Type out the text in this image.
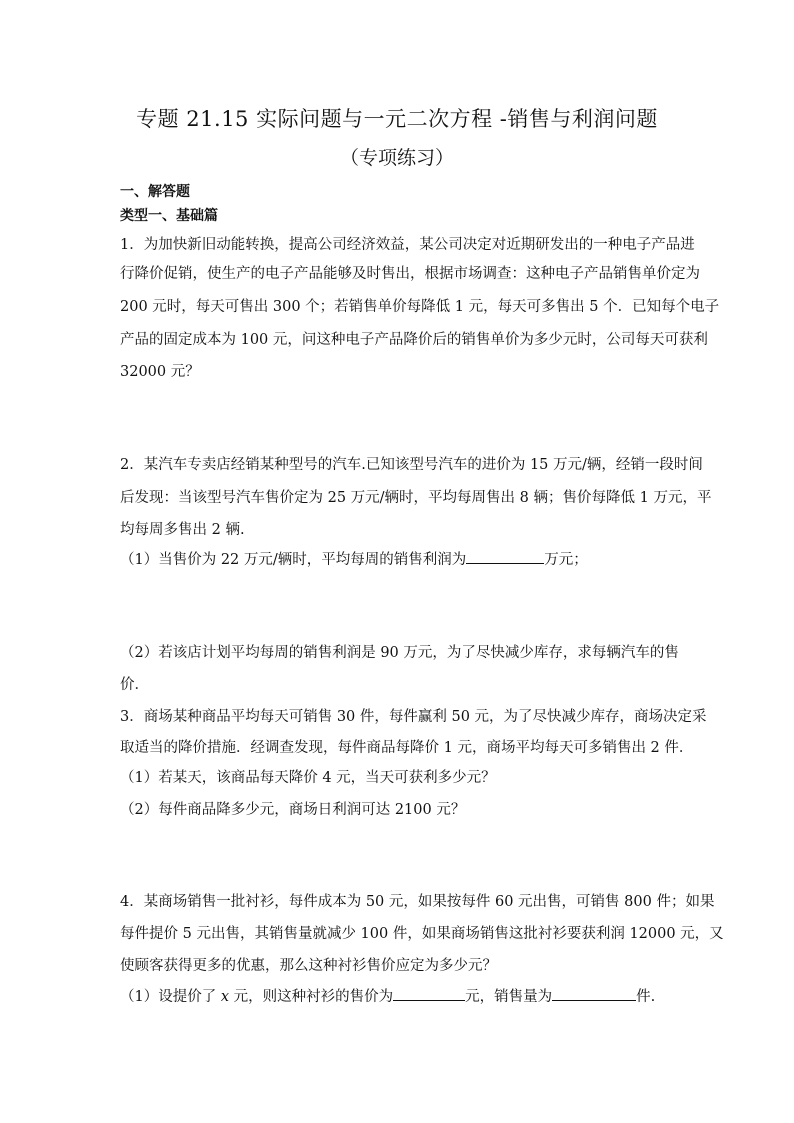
专题 21.15 实际问题与一元二次方程 -销售与利润问题
（专项练习）
一、解答题
类型一、基础篇
1．为加快新旧动能转换，提高公司经济效益，某公司决定对近期研发出的一种电子产品进
行降价促销，使生产的电子产品能够及时售出，根据市场调查：这种电子产品销售单价定为
200 元时，每天可售出 300 个；若销售单价每降低 1 元，每天可多售出 5 个．已知每个电子
产品的固定成本为 100 元，问这种电子产品降价后的销售单价为多少元时，公司每天可获利
32000 元？
2．某汽车专卖店经销某种型号的汽车.已知该型号汽车的进价为 15 万元/辆，经销一段时间
后发现：当该型号汽车售价定为 25 万元/辆时，平均每周售出 8 辆；售价每降低 1 万元，平
均每周多售出 2 辆.
（1）当售价为 22 万元/辆时，平均每周的销售利润为	万元；
（2）若该店计划平均每周的销售利润是 90 万元，为了尽快减少库存，求每辆汽车的售
价．
3．商场某种商品平均每天可销售 30 件，每件赢利 50 元，为了尽快减少库存，商场决定采
取适当的降价措施．经调查发现，每件商品每降价 1 元，商场平均每天可多销售出 2 件．
（1）若某天，该商品每天降价 4 元，当天可获利多少元？
（2）每件商品降多少元，商场日利润可达 2100 元？
4．某商场销售一批衬衫，每件成本为 50 元，如果按每件 60 元出售，可销售 800 件；如果
每件提价 5 元出售，其销售量就减少 100 件，如果商场销售这批衬衫要获利润 12000 元，又
使顾客获得更多的优惠，那么这种衬衫售价应定为多少元？
（1）设提价了 x 元，则这种衬衫的售价为	元，销售量为	件.
